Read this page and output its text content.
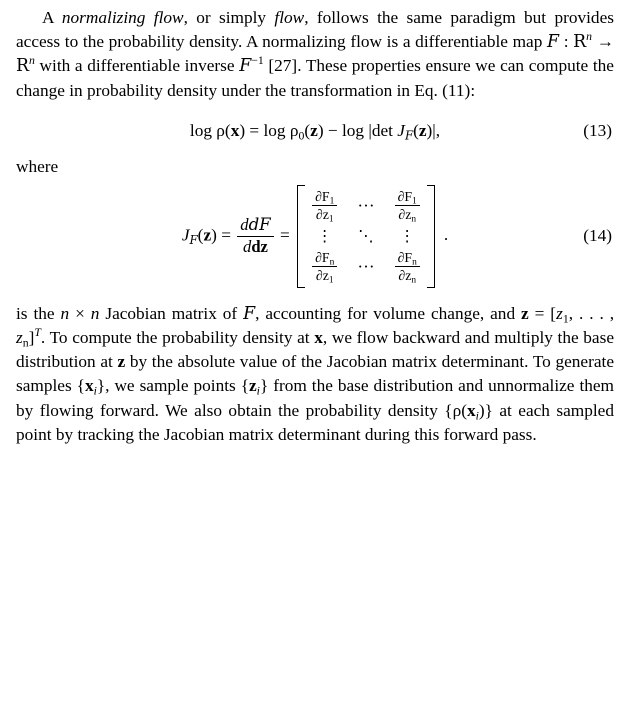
A normalizing flow, or simply flow, follows the same paradigm but provides access to the probability density. A normalizing flow is a differentiable map F : $R^n \to R^n$ with a differentiable inverse $F^{-1}$ [27]. These properties ensure we can compute the change in probability density under the transformation in Eq. (11):

$\log \rho(x) = \log \rho_0(z) - \log |\det$ $J_F(z)|$,	(13)

where

$J_F(z) = \frac{\text{ddF}}{\text{ddz}}$ =
$\frac{\partial F_1}{\partial z_1}$ ··· $\frac{\partial F_1}{\partial z_n}$
⋮ ⋱ ⋮
$\frac{\partial F_n}{\partial z_1}$ ··· $\frac{\partial F_n}{\partial z_n}$
.	(14)

is the n × n Jacobian matrix of F, accounting for volume change, and $z = [z_1$, . . . , $z_n]^T$. To compute the probability density at x, we flow backward and multiply the base distribution at z by the absolute value of the Jacobian matrix determinant. To generate samples $\{x_i\}$, we sample points $\{z_i\}$ from the base distribution and unnormalize them by flowing forward. We also obtain the probability density $\{\rho(x_i)\}$ at each sampled point by tracking the Jacobian matrix determinant during this forward pass.
